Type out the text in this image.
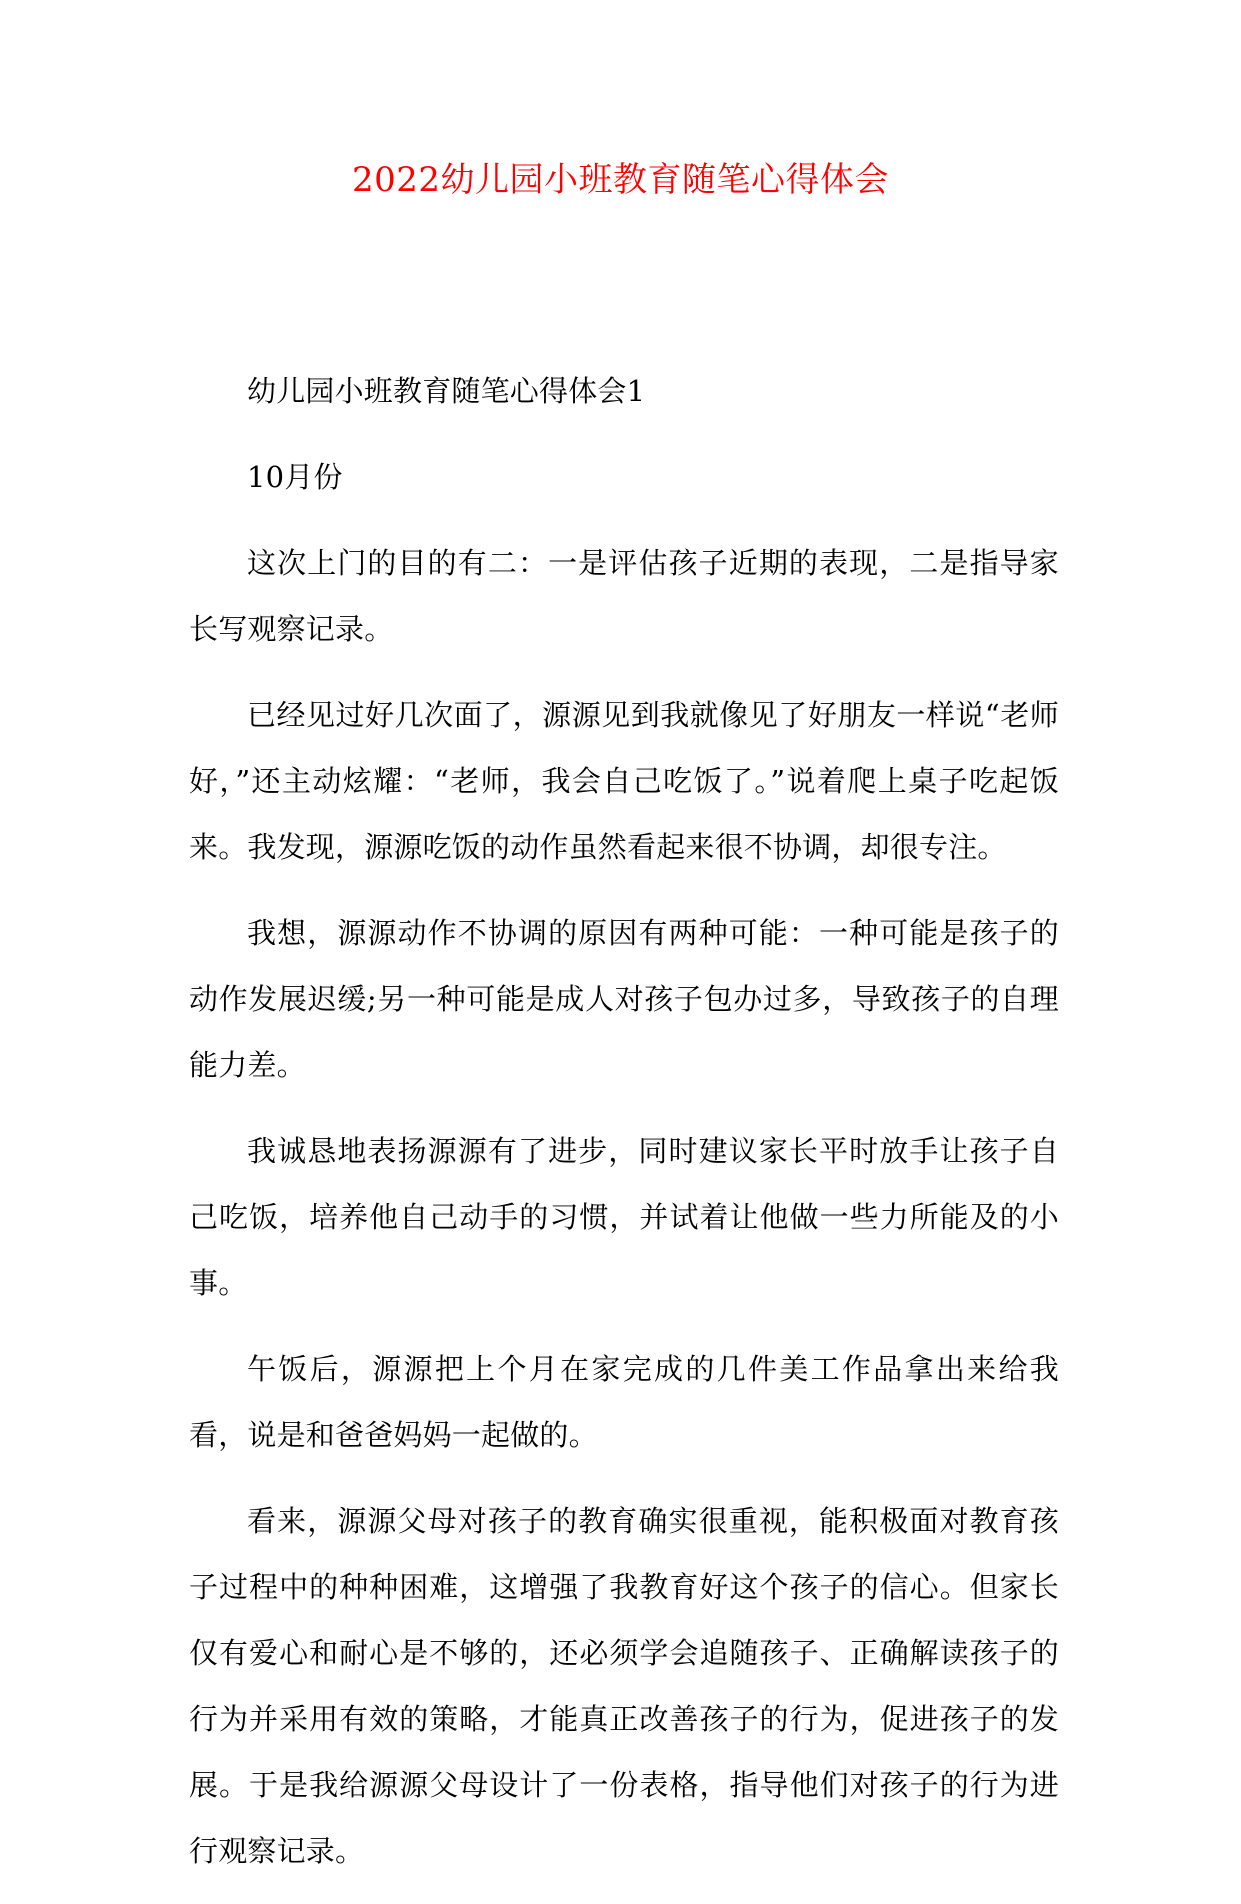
2022幼儿园小班教育随笔心得体会

幼儿园小班教育随笔心得体会1

10月份

这次上门的目的有二：一是评估孩子近期的表现，二是指导家长写观察记录。

已经见过好几次面了，源源见到我就像见了好朋友一样说“老师好，”还主动炫耀：“老师，我会自己吃饭了。”说着爬上桌子吃起饭来。我发现，源源吃饭的动作虽然看起来很不协调，却很专注。

我想，源源动作不协调的原因有两种可能：一种可能是孩子的动作发展迟缓;另一种可能是成人对孩子包办过多，导致孩子的自理能力差。

我诚恳地表扬源源有了进步，同时建议家长平时放手让孩子自己吃饭，培养他自己动手的习惯，并试着让他做一些力所能及的小事。

午饭后，源源把上个月在家完成的几件美工作品拿出来给我看，说是和爸爸妈妈一起做的。

看来，源源父母对孩子的教育确实很重视，能积极面对教育孩子过程中的种种困难，这增强了我教育好这个孩子的信心。但家长仅有爱心和耐心是不够的，还必须学会追随孩子、正确解读孩子的行为并采用有效的策略，才能真正改善孩子的行为，促进孩子的发展。于是我给源源父母设计了一份表格，指导他们对孩子的行为进行观察记录。
